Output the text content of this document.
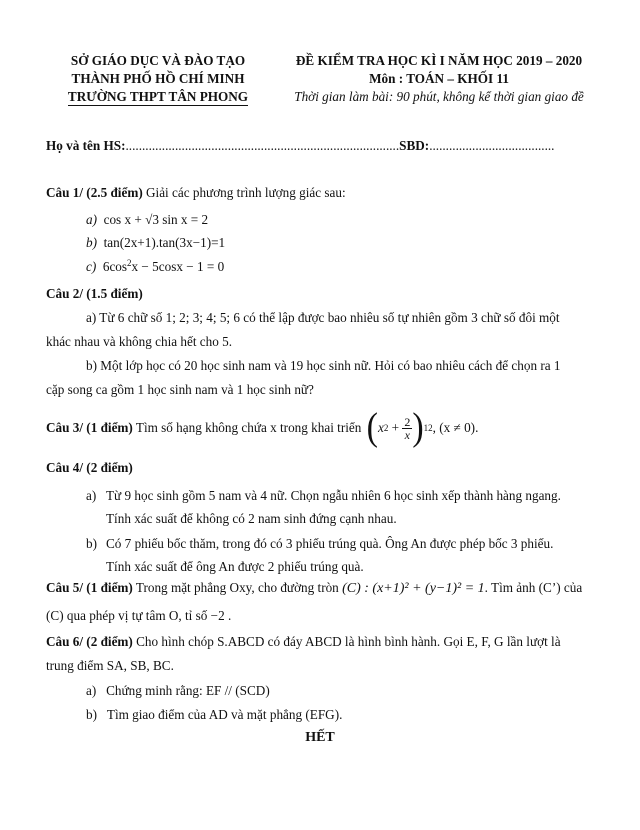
SỞ GIÁO DỤC VÀ ĐÀO TẠO
THÀNH PHỐ HỒ CHÍ MINH
TRƯỜNG THPT TÂN PHONG
ĐỀ KIỂM TRA HỌC KÌ I NĂM HỌC 2019 – 2020
Môn : TOÁN – KHỐI 11
Thời gian làm bài: 90 phút, không kể thời gian giao đề
Họ và tên HS:...................................................................................SBD:......................................
Câu 1/ (2.5 điểm) Giải các phương trình lượng giác sau:
a) cos x + √3 sin x = 2
b) tan(2x+1).tan(3x−1)=1
c) $6\cos^2x - 5\cos x - 1 = 0$
Câu 2/ (1.5 điểm)
a) Từ 6 chữ số 1; 2; 3; 4; 5; 6 có thể lập được bao nhiêu số tự nhiên gồm 3 chữ số đôi một
khác nhau và không chia hết cho 5.
b) Một lớp học có 20 học sinh nam và 19 học sinh nữ. Hỏi có bao nhiêu cách để chọn ra 1
cặp song ca gồm 1 học sinh nam và 1 học sinh nữ?
Câu 3/ (1 điểm) Tìm số hạng không chứa x trong khai triển ( x $2 + \frac{2}{x}$ ) 12 , (x ≠ 0).
Câu 4/ (2 điểm)
a) Từ 9 học sinh gồm 5 nam và 4 nữ. Chọn ngẫu nhiên 6 học sinh xếp thành hàng ngang.
Tính xác suất để không có 2 nam sinh đứng cạnh nhau.
b) Có 7 phiếu bốc thăm, trong đó có 3 phiếu trúng quà. Ông An được phép bốc 3 phiếu.
Tính xác suất để ông An được 2 phiếu trúng quà.
Câu 5/ (1 điểm) Trong mặt phẳng Oxy, cho đường tròn (C) : (x+1)² + (y−1)² = 1. Tìm ảnh (C’) của
(C) qua phép vị tự tâm O, tỉ số −2 .
Câu 6/ (2 điểm) Cho hình chóp S.ABCD có đáy ABCD là hình bình hành. Gọi E, F, G lần lượt là
trung điểm SA, SB, BC.
a) Chứng minh rằng: EF // (SCD)
b) Tìm giao điểm của AD và mặt phẳng (EFG).
HẾT
